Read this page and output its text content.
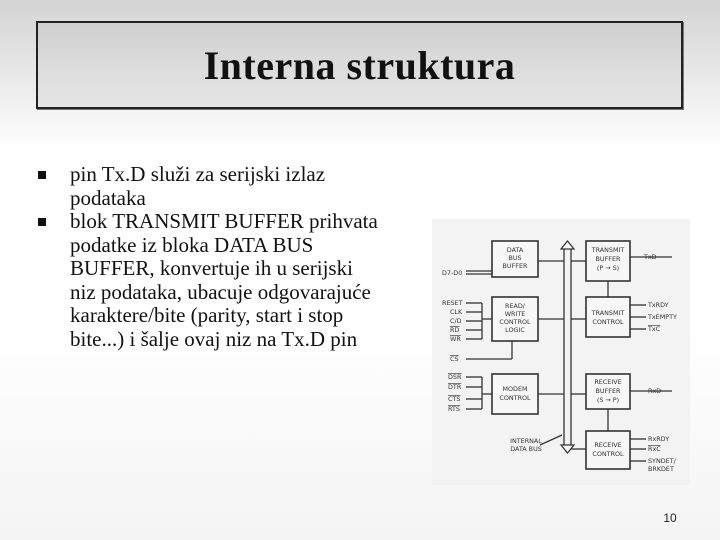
Interna struktura
pin Tx.D služi za serijski izlaz podataka
blok TRANSMIT BUFFER prihvata podatke iz bloka DATA BUS BUFFER, konvertuje ih u serijski niz podataka, ubacuje odgovarajuće karaktere/bite (parity, start i stop bite...) i šalje ovaj niz na Tx.D pin
DATA
BUS
BUFFER
TRANSMIT
BUFFER
(P → S)
READ/
WRITE
CONTROL
LOGIC
TRANSMIT
CONTROL
MODEM
CONTROL
RECEIVE
BUFFER
(S → P)
RECEIVE
CONTROL
INTERNAL
DATA BUS
D7-D0
RESET
CLK
C/D
RD
WR
CS
DSR
DTR
CTS
RTS
TxD
TxRDY
TxEMPTY
TxC
RxD
RxRDY
RxC
SYNDET/
BRKDET
10
